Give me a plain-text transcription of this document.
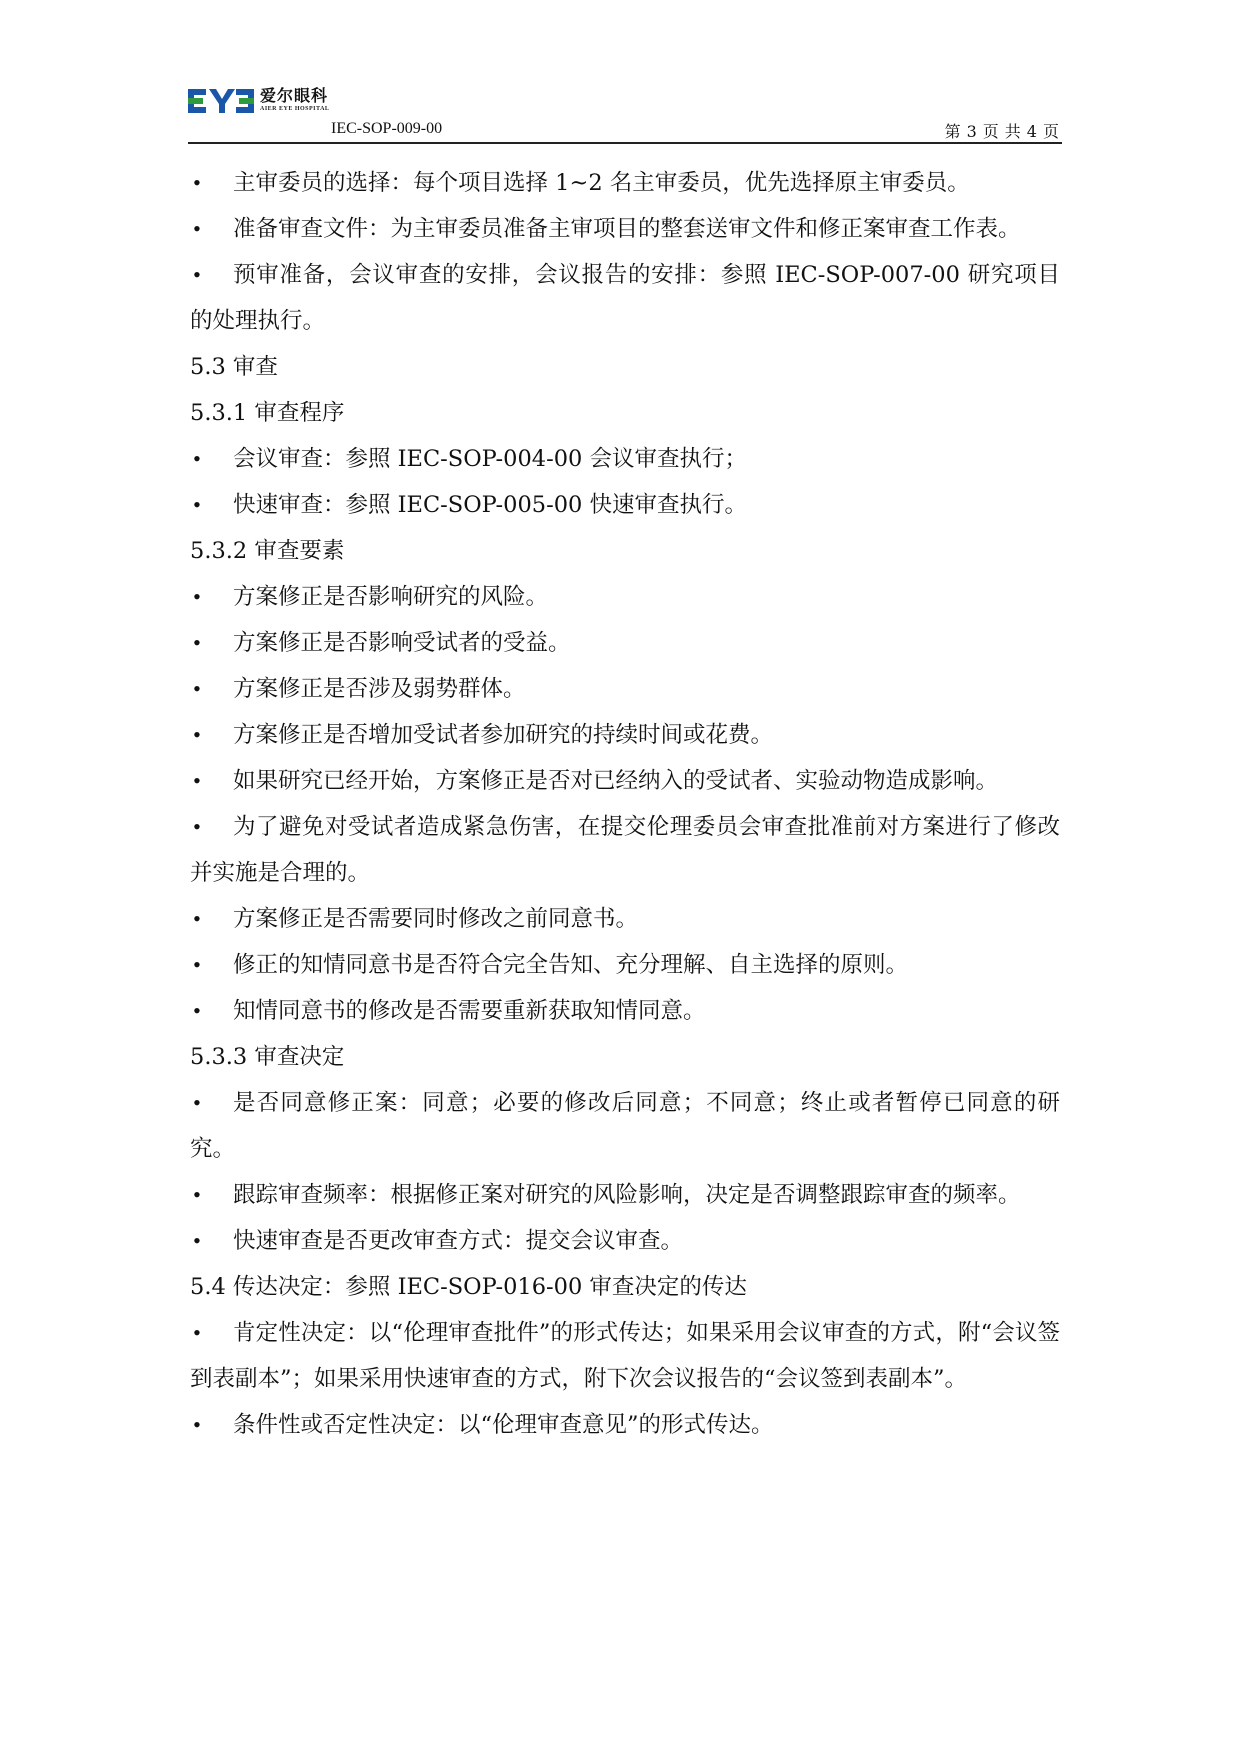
爱尔眼科
AIER EYE HOSPITAL
IEC-SOP-009-00	第 3 页 共 4 页

• 主审委员的选择：每个项目选择 1~2 名主审委员，优先选择原主审委员。

• 准备审查文件：为主审委员准备主审项目的整套送审文件和修正案审查工作表。

• 预审准备，会议审查的安排，会议报告的安排：参照 IEC-SOP-007-00 研究项目的处理执行。

5.3 审查

5.3.1 审查程序

• 会议审查：参照 IEC-SOP-004-00 会议审查执行；

• 快速审查：参照 IEC-SOP-005-00 快速审查执行。

5.3.2 审查要素

• 方案修正是否影响研究的风险。

• 方案修正是否影响受试者的受益。

• 方案修正是否涉及弱势群体。

• 方案修正是否增加受试者参加研究的持续时间或花费。

• 如果研究已经开始，方案修正是否对已经纳入的受试者、实验动物造成影响。

• 为了避免对受试者造成紧急伤害，在提交伦理委员会审查批准前对方案进行了修改并实施是合理的。

• 方案修正是否需要同时修改之前同意书。

• 修正的知情同意书是否符合完全告知、充分理解、自主选择的原则。

• 知情同意书的修改是否需要重新获取知情同意。

5.3.3 审查决定

• 是否同意修正案：同意；必要的修改后同意；不同意；终止或者暂停已同意的研究。

• 跟踪审查频率：根据修正案对研究的风险影响，决定是否调整跟踪审查的频率。

• 快速审查是否更改审查方式：提交会议审查。

5.4 传达决定：参照 IEC-SOP-016-00 审查决定的传达

• 肯定性决定：以“伦理审查批件”的形式传达；如果采用会议审查的方式，附“会议签到表副本”；如果采用快速审查的方式，附下次会议报告的“会议签到表副本”。

• 条件性或否定性决定：以“伦理审查意见”的形式传达。
